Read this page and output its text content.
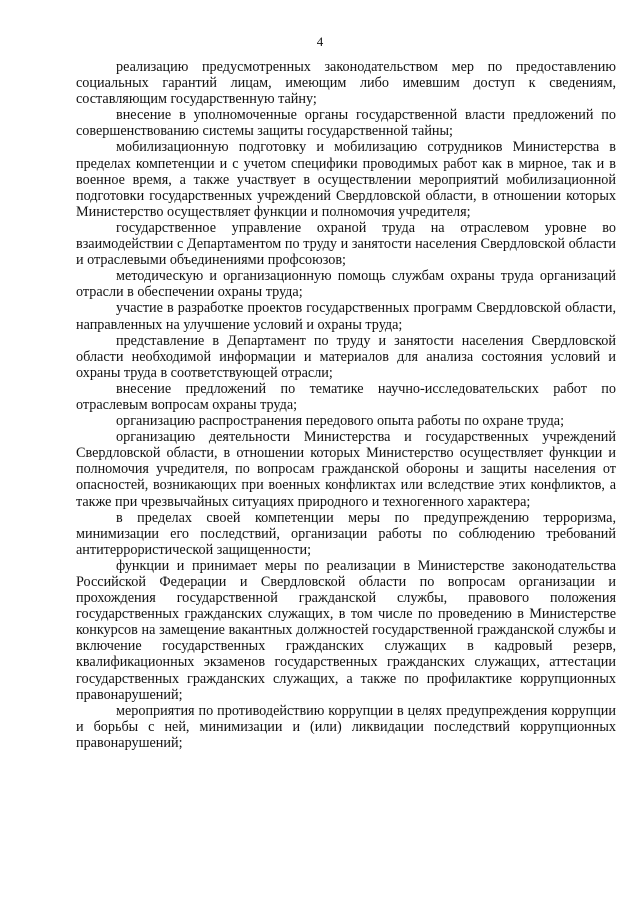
4

реализацию предусмотренных законодательством мер по предоставлению социальных гарантий лицам, имеющим либо имевшим доступ к сведениям, составляющим государственную тайну;

внесение в уполномоченные органы государственной власти предложений по совершенствованию системы защиты государственной тайны;

мобилизационную подготовку и мобилизацию сотрудников Министерства в пределах компетенции и с учетом специфики проводимых работ как в мирное, так и в военное время, а также участвует в осуществлении мероприятий мобилизационной подготовки государственных учреждений Свердловской области, в отношении которых Министерство осуществляет функции и полномочия учредителя;

государственное управление охраной труда на отраслевом уровне во взаимодействии с Департаментом по труду и занятости населения Свердловской области и отраслевыми объединениями профсоюзов;

методическую и организационную помощь службам охраны труда организаций отрасли в обеспечении охраны труда;

участие в разработке проектов государственных программ Свердловской области, направленных на улучшение условий и охраны труда;

представление в Департамент по труду и занятости населения Свердловской области необходимой информации и материалов для анализа состояния условий и охраны труда в соответствующей отрасли;

внесение предложений по тематике научно-исследовательских работ по отраслевым вопросам охраны труда;

организацию распространения передового опыта работы по охране труда;

организацию деятельности Министерства и государственных учреждений Свердловской области, в отношении которых Министерство осуществляет функции и полномочия учредителя, по вопросам гражданской обороны и защиты населения от опасностей, возникающих при военных конфликтах или вследствие этих конфликтов, а также при чрезвычайных ситуациях природного и техногенного характера;

в пределах своей компетенции меры по предупреждению терроризма, минимизации его последствий, организации работы по соблюдению требований антитеррористической защищенности;

функции и принимает меры по реализации в Министерстве законодательства Российской Федерации и Свердловской области по вопросам организации и прохождения государственной гражданской службы, правового положения государственных гражданских служащих, в том числе по проведению в Министерстве конкурсов на замещение вакантных должностей государственной гражданской службы и включение государственных гражданских служащих в кадровый резерв, квалификационных экзаменов государственных гражданских служащих, аттестации государственных гражданских служащих, а также по профилактике коррупционных правонарушений;

мероприятия по противодействию коррупции в целях предупреждения коррупции и борьбы с ней, минимизации и (или) ликвидации последствий коррупционных правонарушений;
